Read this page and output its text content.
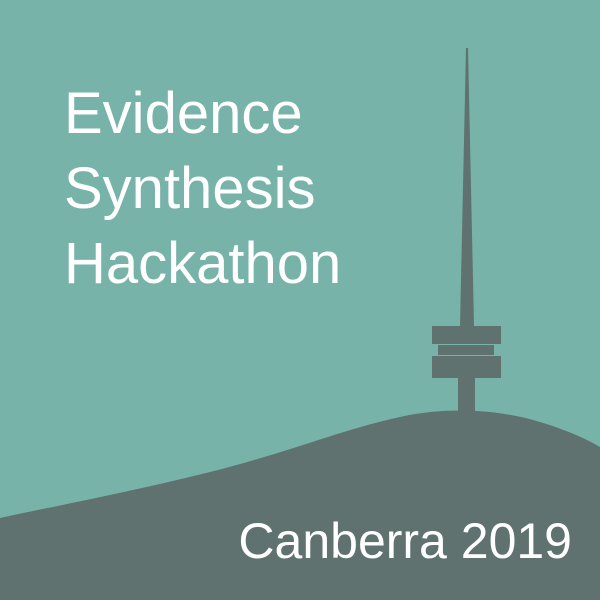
Evidence
Synthesis
Hackathon
Canberra 2019
